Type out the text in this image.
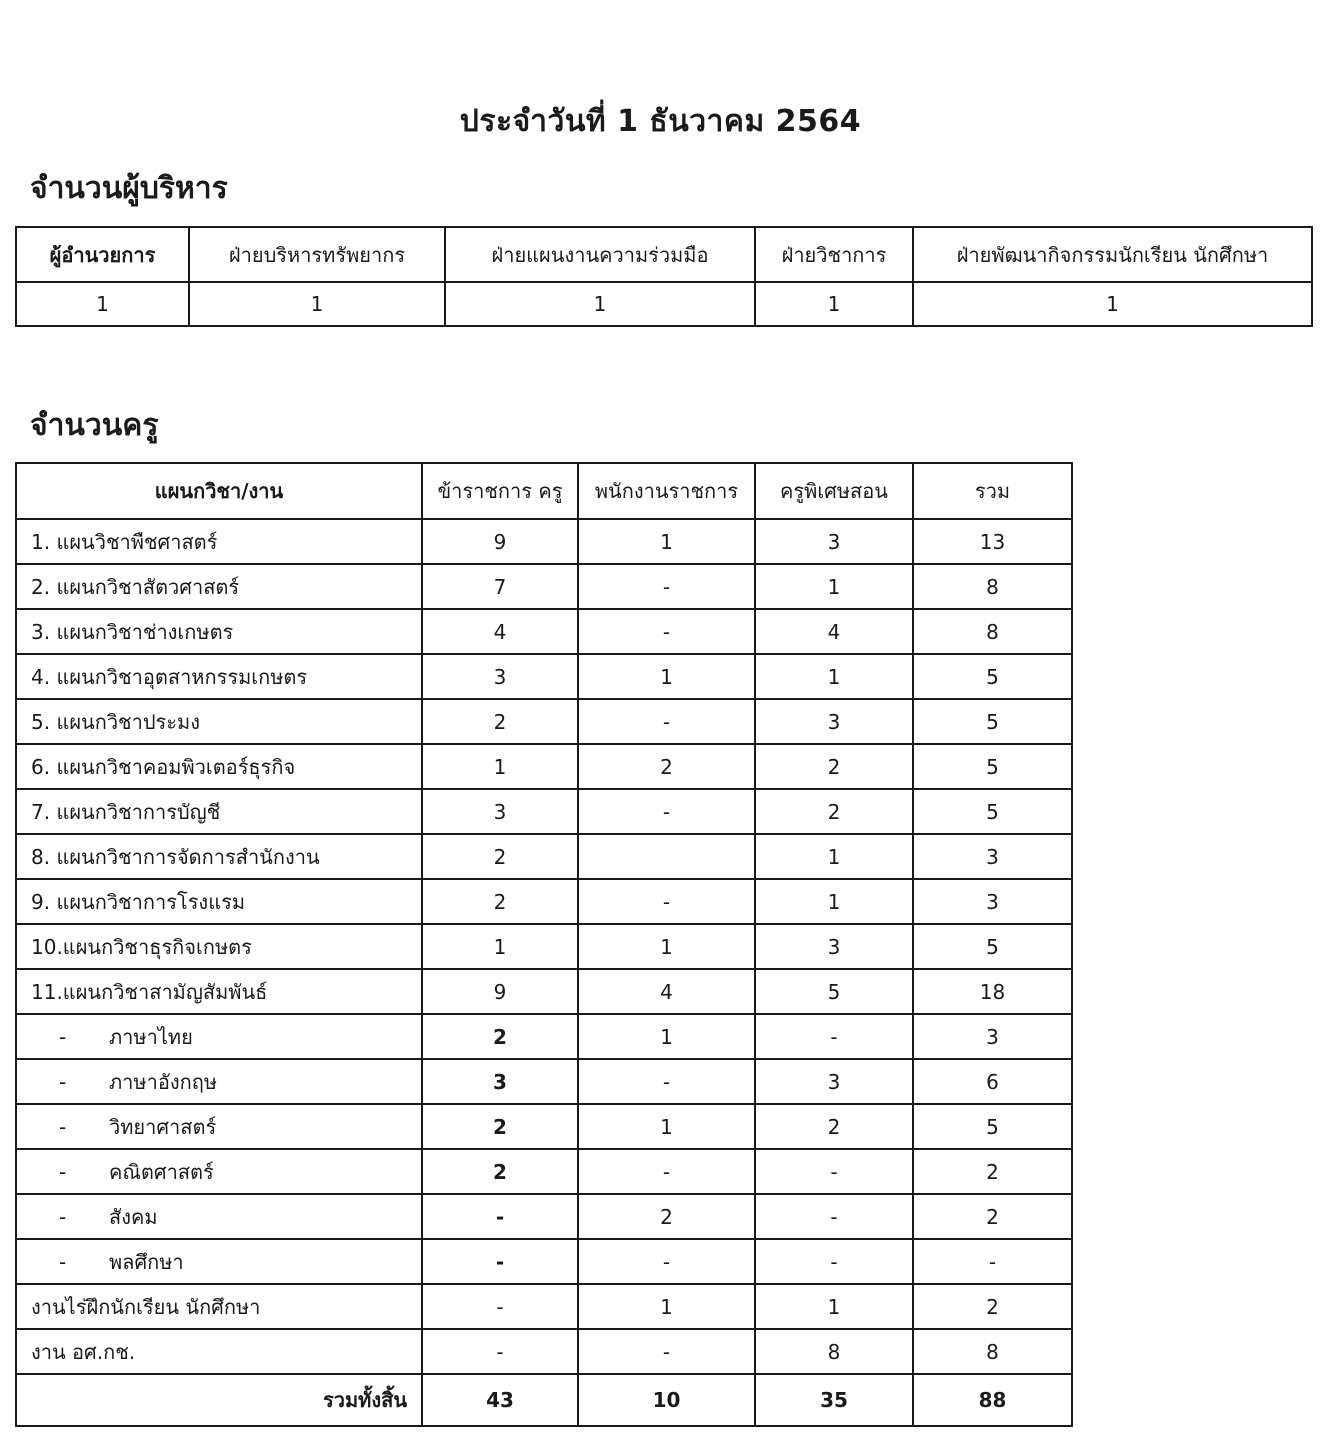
ประจำวันที่ 1 ธันวาคม 2564
จำนวนผู้บริหาร
ผู้อำนวยการ	ฝ่ายบริหารทรัพยากร	ฝ่ายแผนงานความร่วมมือ	ฝ่ายวิชาการ	ฝ่ายพัฒนากิจกรรมนักเรียน นักศึกษา
1	1	1	1	1
จำนวนครู
แผนกวิชา/งาน	ข้าราชการ ครู	พนักงานราชการ	ครูพิเศษสอน	รวม
1. แผนวิชาพืชศาสตร์	9	1	3	13
2. แผนกวิชาสัตวศาสตร์	7	-	1	8
3. แผนกวิชาช่างเกษตร	4	-	4	8
4. แผนกวิชาอุตสาหกรรมเกษตร	3	1	1	5
5. แผนกวิชาประมง	2	-	3	5
6. แผนกวิชาคอมพิวเตอร์ธุรกิจ	1	2	2	5
7. แผนกวิชาการบัญชี	3	-	2	5
8. แผนกวิชาการจัดการสำนักงาน	2		1	3
9. แผนกวิชาการโรงแรม	2	-	1	3
10.แผนกวิชาธุรกิจเกษตร	1	1	3	5
11.แผนกวิชาสามัญสัมพันธ์	9	4	5	18
- ภาษาไทย	2	1	-	3
- ภาษาอังกฤษ	3	-	3	6
- วิทยาศาสตร์	2	1	2	5
- คณิตศาสตร์	2	-	-	2
- สังคม	-	2	-	2
- พลศึกษา	-	-	-	-
งานไร่ฝึกนักเรียน นักศึกษา	-	1	1	2
งาน อศ.กช.	-	-	8	8
รวมทั้งสิ้น	43	10	35	88
